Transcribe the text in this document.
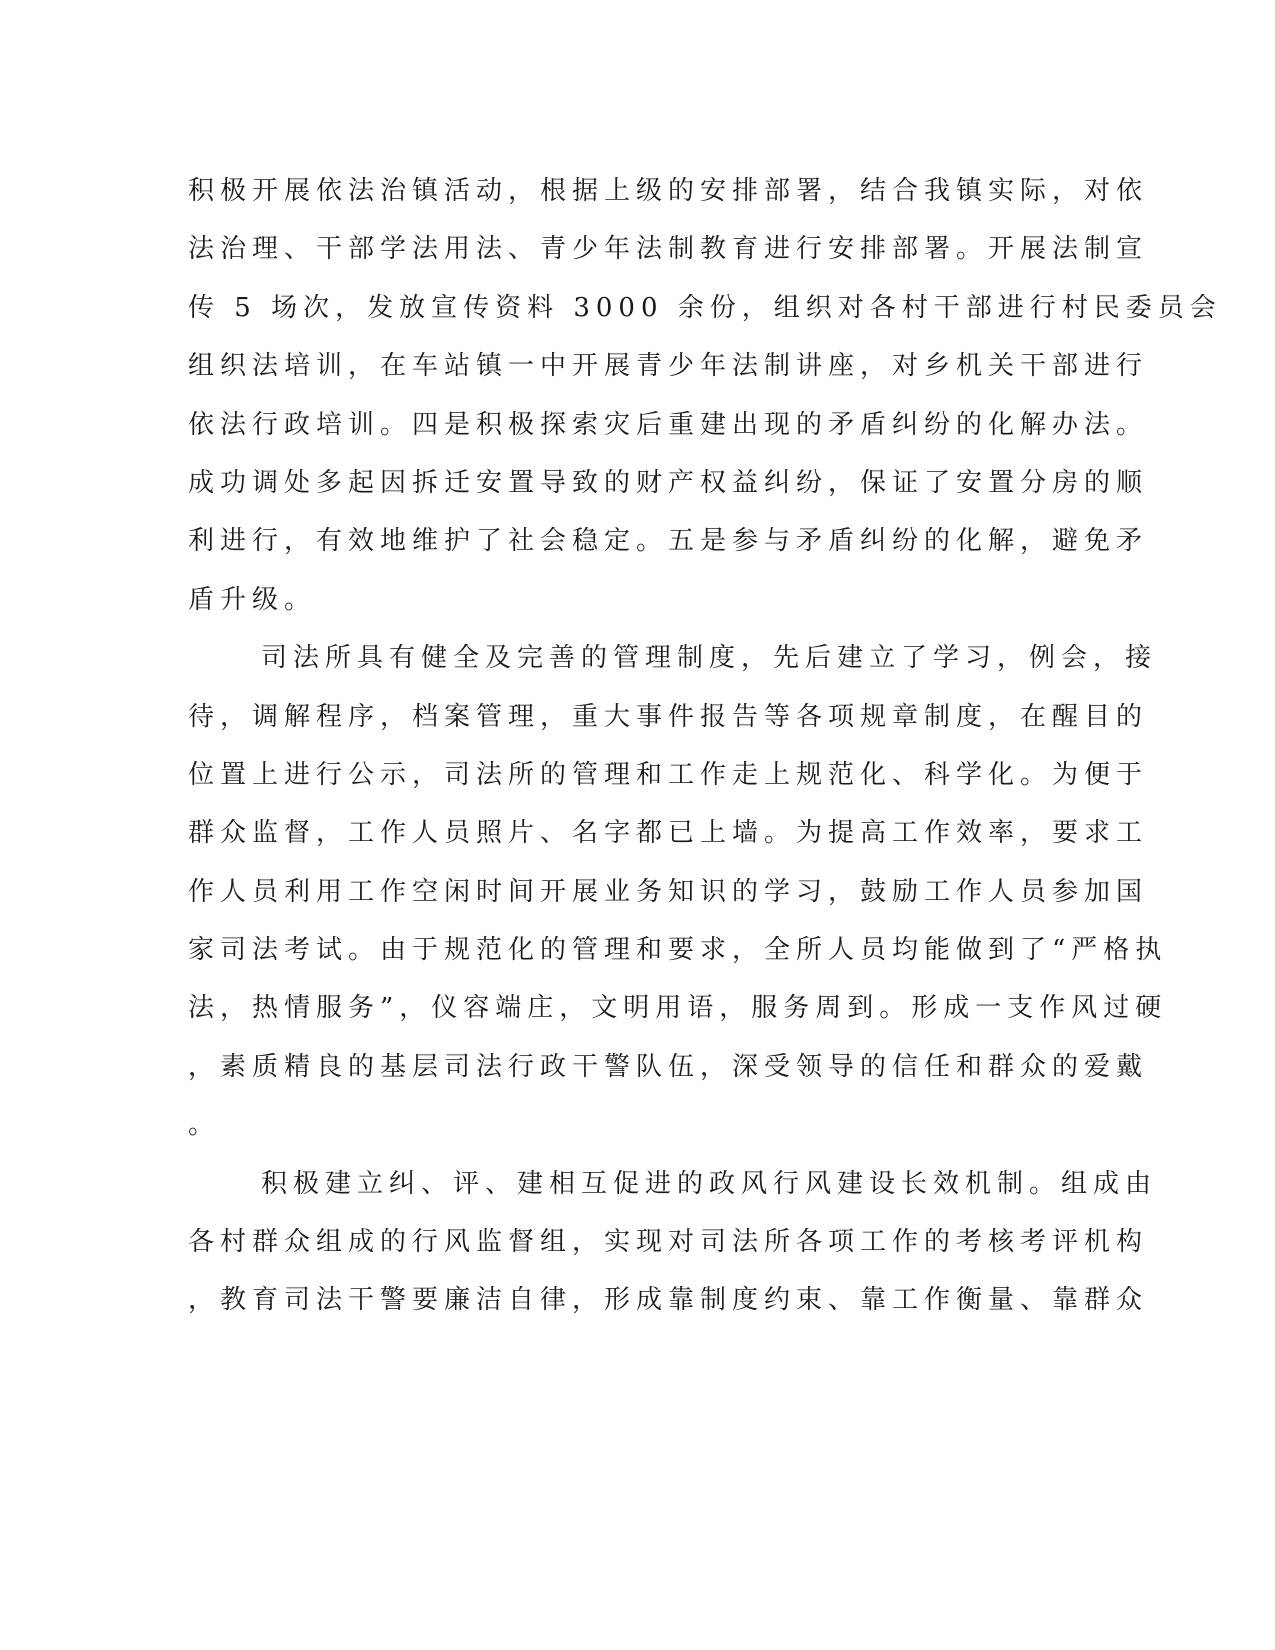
积极开展依法治镇活动，根据上级的安排部署，结合我镇实际，对依
法治理、干部学法用法、青少年法制教育进行安排部署。开展法制宣
传 5 场次，发放宣传资料 3000 余份，组织对各村干部进行村民委员会
组织法培训，在车站镇一中开展青少年法制讲座，对乡机关干部进行
依法行政培训。四是积极探索灾后重建出现的矛盾纠纷的化解办法。
成功调处多起因拆迁安置导致的财产权益纠纷，保证了安置分房的顺
利进行，有效地维护了社会稳定。五是参与矛盾纠纷的化解，避免矛
盾升级。
司法所具有健全及完善的管理制度，先后建立了学习，例会，接
待，调解程序，档案管理，重大事件报告等各项规章制度，在醒目的
位置上进行公示，司法所的管理和工作走上规范化、科学化。为便于
群众监督，工作人员照片、名字都已上墙。为提高工作效率，要求工
作人员利用工作空闲时间开展业务知识的学习，鼓励工作人员参加国
家司法考试。由于规范化的管理和要求，全所人员均能做到了“严格执
法，热情服务”，仪容端庄，文明用语，服务周到。形成一支作风过硬
，素质精良的基层司法行政干警队伍，深受领导的信任和群众的爱戴
。
积极建立纠、评、建相互促进的政风行风建设长效机制。组成由
各村群众组成的行风监督组，实现对司法所各项工作的考核考评机构
，教育司法干警要廉洁自律，形成靠制度约束、靠工作衡量、靠群众
